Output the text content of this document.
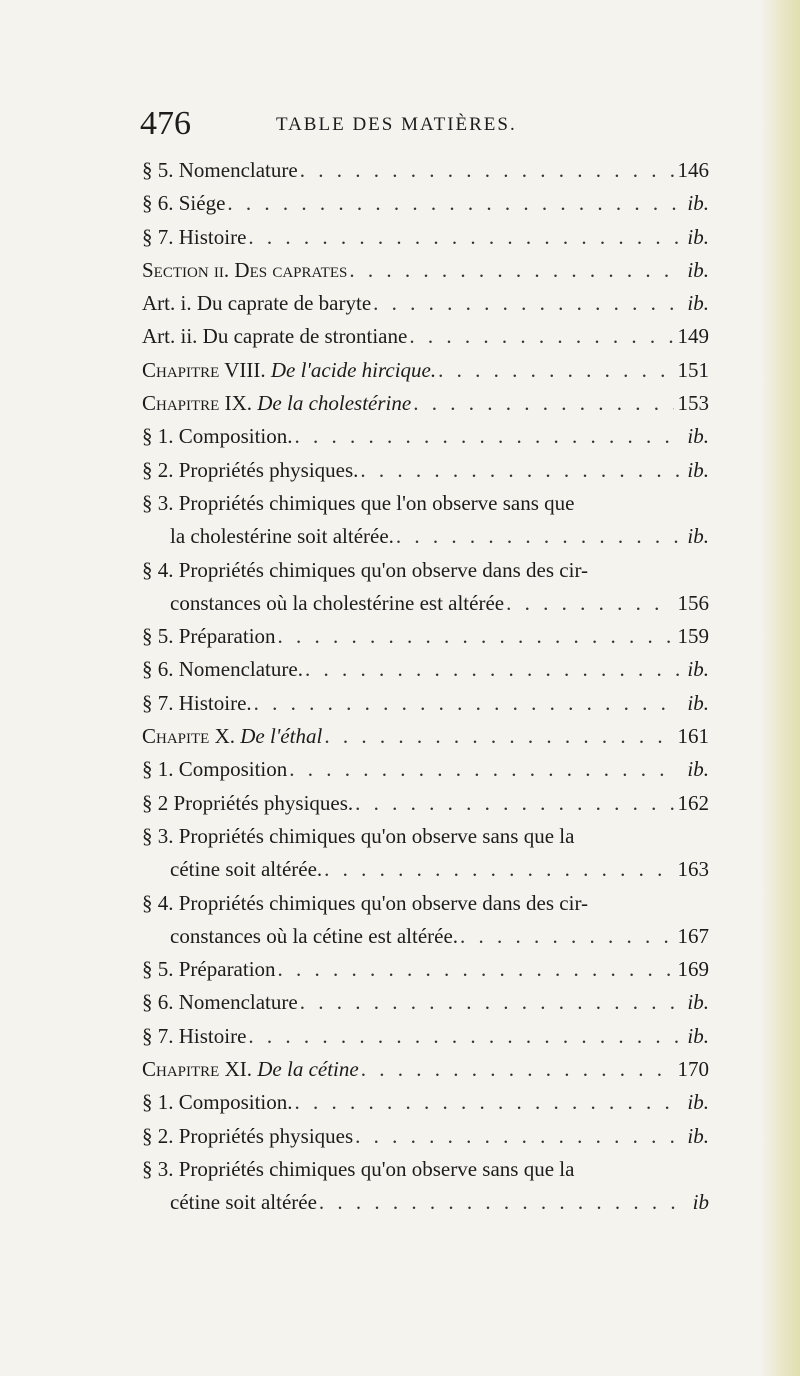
476	TABLE DES MATIÈRES.
§ 5. Nomenclature . . .	146
§ 6. Siége . . .	ib.
§ 7. Histoire . . .	ib.
Section ii. Des caprates . . .	ib.
Art. i. Du caprate de baryte . . .	ib.
Art. ii. Du caprate de strontiane . . .	149
Chapitre VIII. De l'acide hircique. . . .	151
Chapitre IX. De la cholestérine . . .	153
§ 1. Composition. . . .	ib.
§ 2. Propriétés physiques. . . .	ib.
§ 3. Propriétés chimiques que l'on observe sans que
la cholestérine soit altérée. . . .	ib.
§ 4. Propriétés chimiques qu'on observe dans des cir-
constances où la cholestérine est altérée . . .	156
§ 5. Préparation . . .	159
§ 6. Nomenclature. . . .	ib.
§ 7. Histoire. . . .	ib.
Chapite X. De l'éthal . . .	161
§ 1. Composition . . .	ib.
§ 2 Propriétés physiques. . . .	162
§ 3. Propriétés chimiques qu'on observe sans que la
cétine soit altérée. . . .	163
§ 4. Propriétés chimiques qu'on observe dans des cir-
constances où la cétine est altérée. . . .	167
§ 5. Préparation . . .	169
§ 6. Nomenclature . . .	ib.
§ 7. Histoire . . .	ib.
Chapitre XI. De la cétine . . .	170
§ 1. Composition. . . .	ib.
§ 2. Propriétés physiques . . .	ib.
§ 3. Propriétés chimiques qu'on observe sans que la
cétine soit altérée . . .	ib
